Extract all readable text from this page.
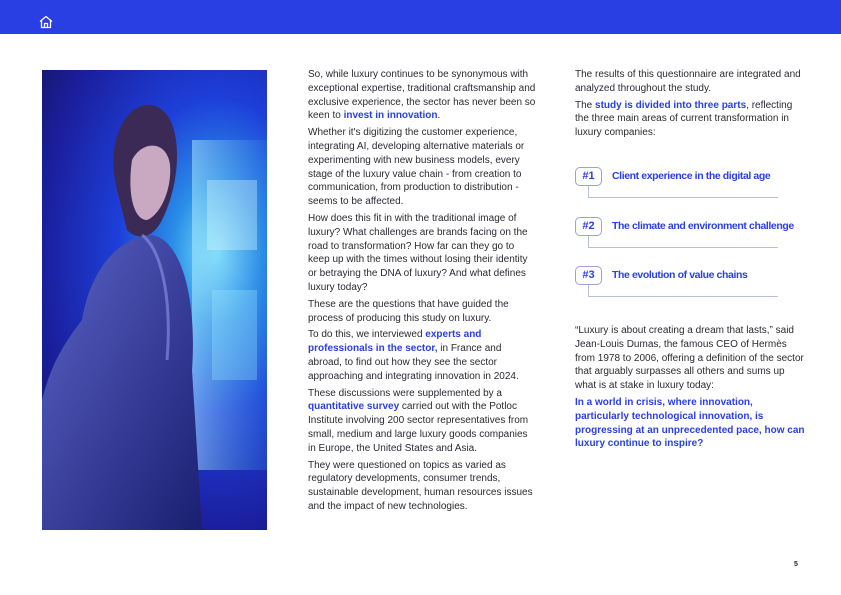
So, while luxury continues to be synonymous with exceptional expertise, traditional craftsmanship and exclusive experience, the sector has never been so keen to invest in innovation.

Whether it's digitizing the customer experience, integrating AI, developing alternative materials or experimenting with new business models, every stage of the luxury value chain - from creation to communication, from production to distribution - seems to be affected.

How does this fit in with the traditional image of luxury? What challenges are brands facing on the road to transformation? How far can they go to keep up with the times without losing their identity or betraying the DNA of luxury? And what defines luxury today?

These are the questions that have guided the process of producing this study on luxury.

To do this, we interviewed experts and professionals in the sector, in France and abroad, to find out how they see the sector approaching and integrating innovation in 2024.

These discussions were supplemented by a quantitative survey carried out with the Potloc Institute involving 200 sector representatives from small, medium and large luxury goods companies in Europe, the United States and Asia.

They were questioned on topics as varied as regulatory developments, consumer trends, sustainable development, human resources issues and the impact of new technologies.

The results of this questionnaire are integrated and analyzed throughout the study.

The study is divided into three parts, reflecting the three main areas of current transformation in luxury companies:

#1	Client experience in the digital age
#2	The climate and environment challenge
#3	The evolution of value chains

“Luxury is about creating a dream that lasts,” said Jean-Louis Dumas, the famous CEO of Hermès from 1978 to 2006, offering a definition of the sector that arguably surpasses all others and sums up what is at stake in luxury today:

In a world in crisis, where innovation, particularly technological innovation, is progressing at an unprecedented pace, how can luxury continue to inspire?

5
